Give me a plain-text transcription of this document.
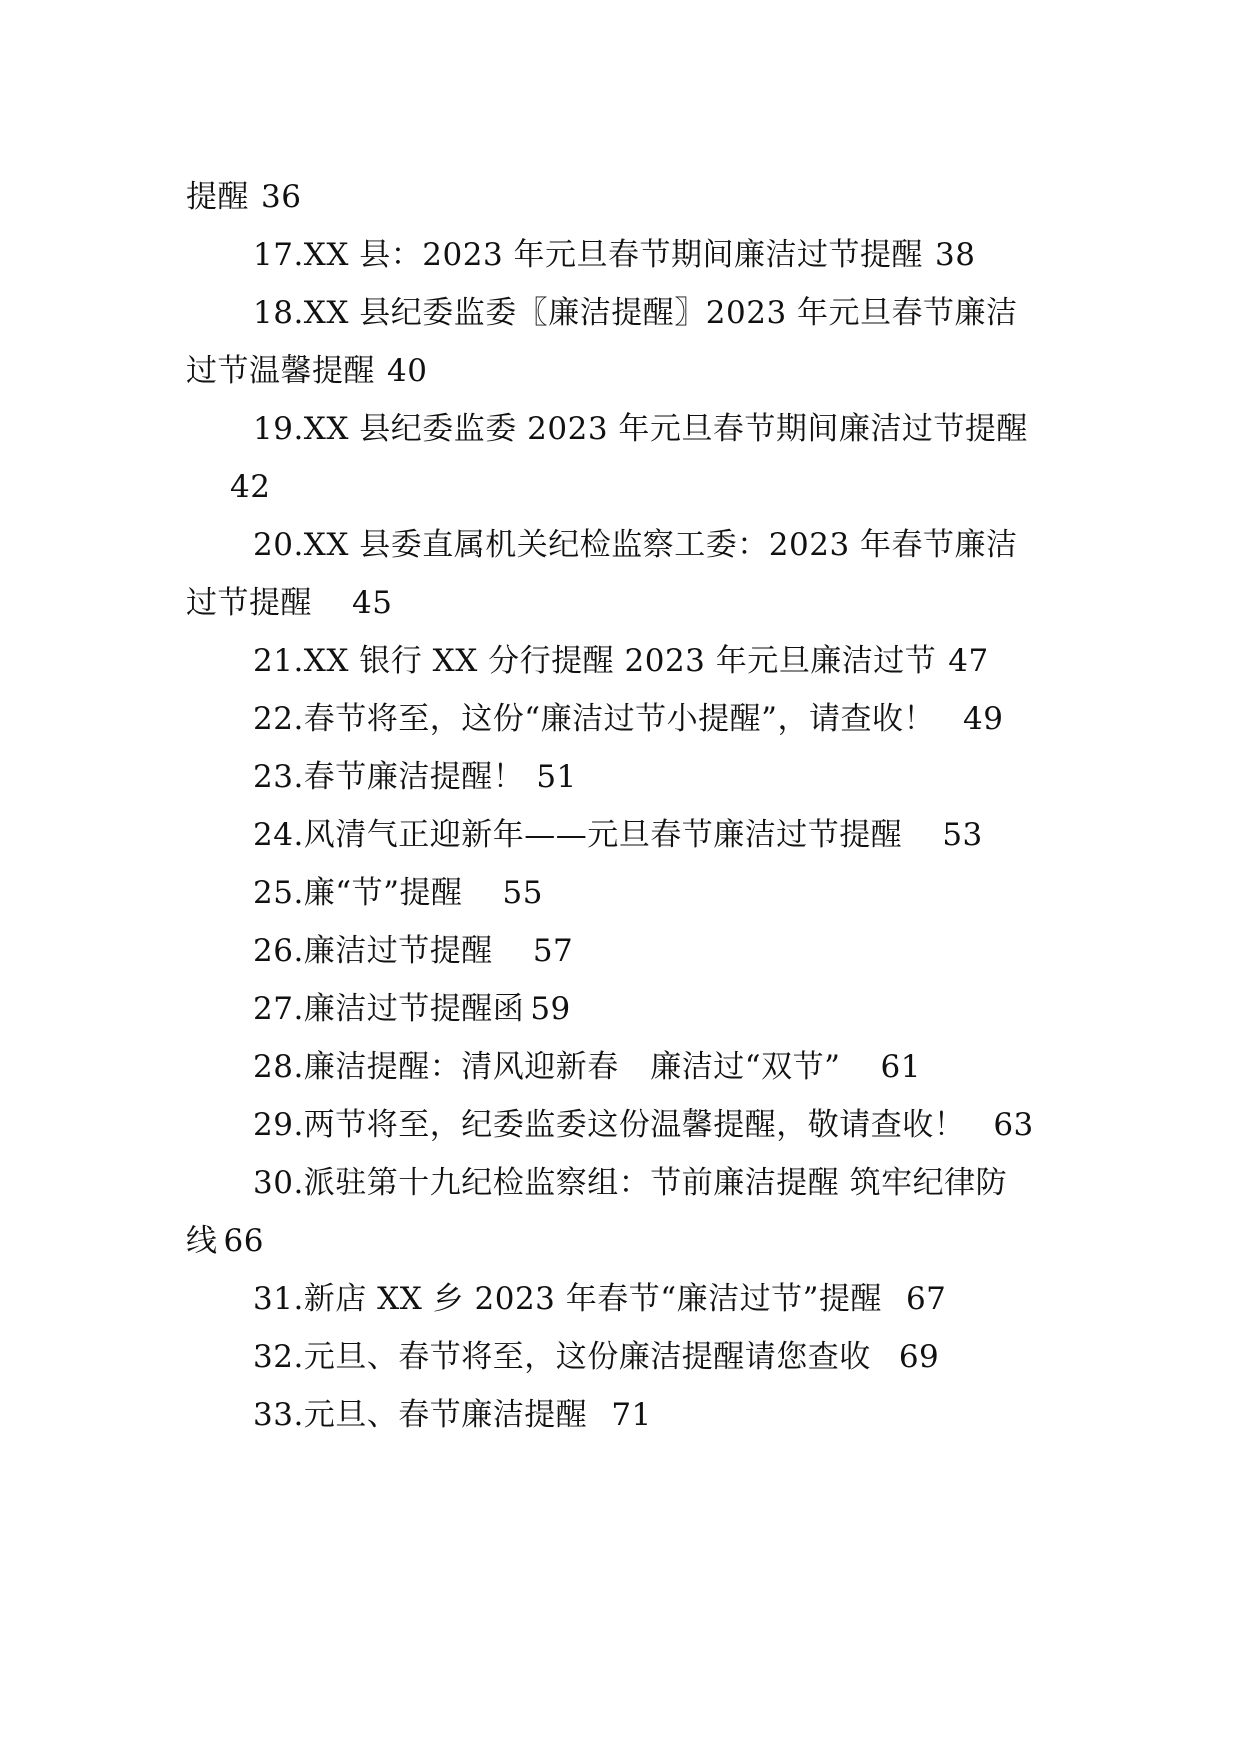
提醒 36
17.XX 县：2023 年元旦春节期间廉洁过节提醒 38
18.XX 县纪委监委〖廉洁提醒〗2023 年元旦春节廉洁
过节温馨提醒 40
19.XX 县纪委监委 2023 年元旦春节期间廉洁过节提醒
42
20.XX 县委直属机关纪检监察工委：2023 年春节廉洁
过节提醒 45
21.XX 银行 XX 分行提醒 2023 年元旦廉洁过节 47
22.春节将至，这份“廉洁过节小提醒”，请查收！ 49
23.春节廉洁提醒！ 51
24.风清气正迎新年——元旦春节廉洁过节提醒 53
25.廉“节”提醒 55
26.廉洁过节提醒 57
27.廉洁过节提醒函 59
28.廉洁提醒：清风迎新春　廉洁过“双节” 61
29.两节将至，纪委监委这份温馨提醒，敬请查收！ 63
30.派驻第十九纪检监察组：节前廉洁提醒 筑牢纪律防
线 66
31.新店 XX 乡 2023 年春节“廉洁过节”提醒 67
32.元旦、春节将至，这份廉洁提醒请您查收 69
33.元旦、春节廉洁提醒 71
